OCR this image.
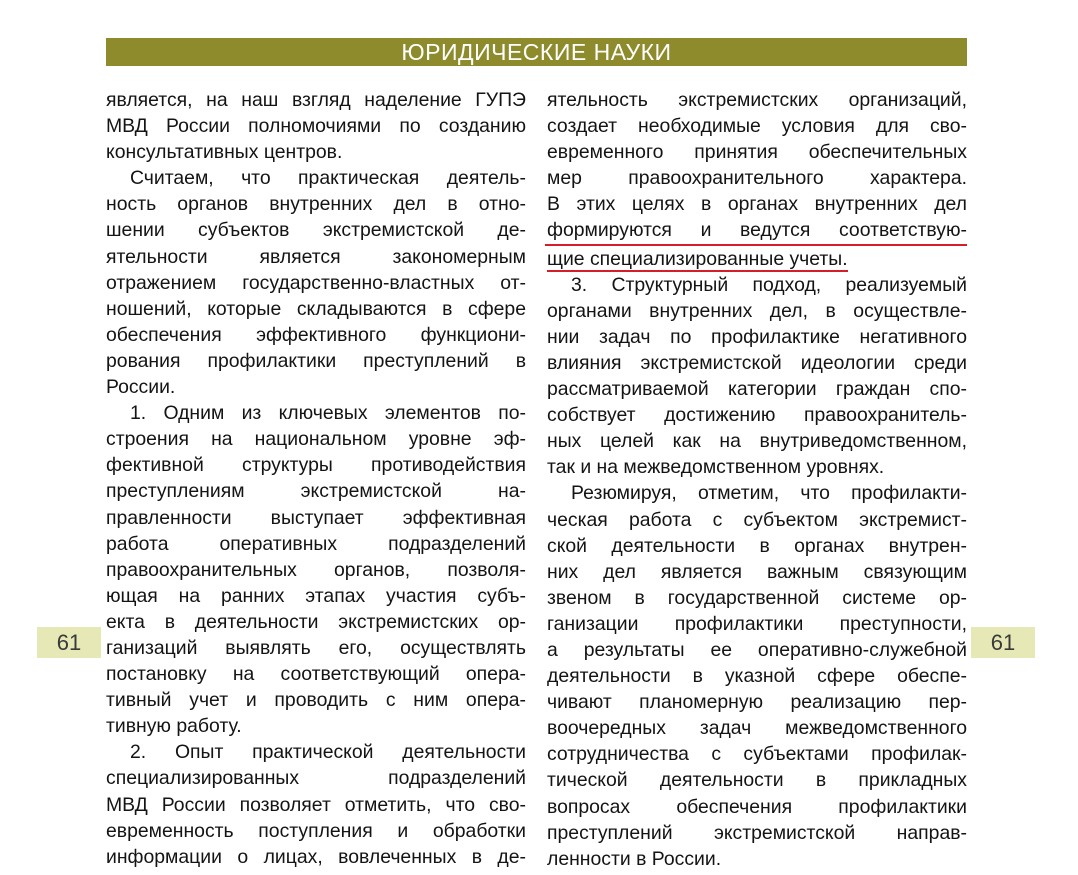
ЮРИДИЧЕСКИЕ НАУКИ
61	61
является, на наш взгляд наделение ГУПЭ
МВД России полномочиями по созданию
консультативных центров.
Считаем, что практическая деятель-
ность органов внутренних дел в отно-
шении субъектов экстремистской де-
ятельности является закономерным
отражением государственно-властных от-
ношений, которые складываются в сфере
обеспечения эффективного функциони-
рования профилактики преступлений в
России.
1. Одним из ключевых элементов по-
строения на национальном уровне эф-
фективной структуры противодействия
преступлениям экстремистской на-
правленности выступает эффективная
работа оперативных подразделений
правоохранительных органов, позволя-
ющая на ранних этапах участия субъ-
екта в деятельности экстремистских ор-
ганизаций выявлять его, осуществлять
постановку на соответствующий опера-
тивный учет и проводить с ним опера-
тивную работу.
2. Опыт практической деятельности
специализированных подразделений
МВД России позволяет отметить, что сво-
евременность поступления и обработки
информации о лицах, вовлеченных в де-
ятельность экстремистских организаций,
создает необходимые условия для сво-
евременного принятия обеспечительных
мер правоохранительного характера.
В этих целях в органах внутренних дел
формируются и ведутся соответствую-
щие специализированные учеты.
3. Структурный подход, реализуемый
органами внутренних дел, в осуществле-
нии задач по профилактике негативного
влияния экстремистской идеологии среди
рассматриваемой категории граждан спо-
собствует достижению правоохранитель-
ных целей как на внутриведомственном,
так и на межведомственном уровнях.
Резюмируя, отметим, что профилакти-
ческая работа с субъектом экстремист-
ской деятельности в органах внутрен-
них дел является важным связующим
звеном в государственной системе ор-
ганизации профилактики преступности,
а результаты ее оперативно-служебной
деятельности в указной сфере обеспе-
чивают планомерную реализацию пер-
воочередных задач межведомственного
сотрудничества с субъектами профилак-
тической деятельности в прикладных
вопросах обеспечения профилактики
преступлений экстремистской направ-
ленности в России.
